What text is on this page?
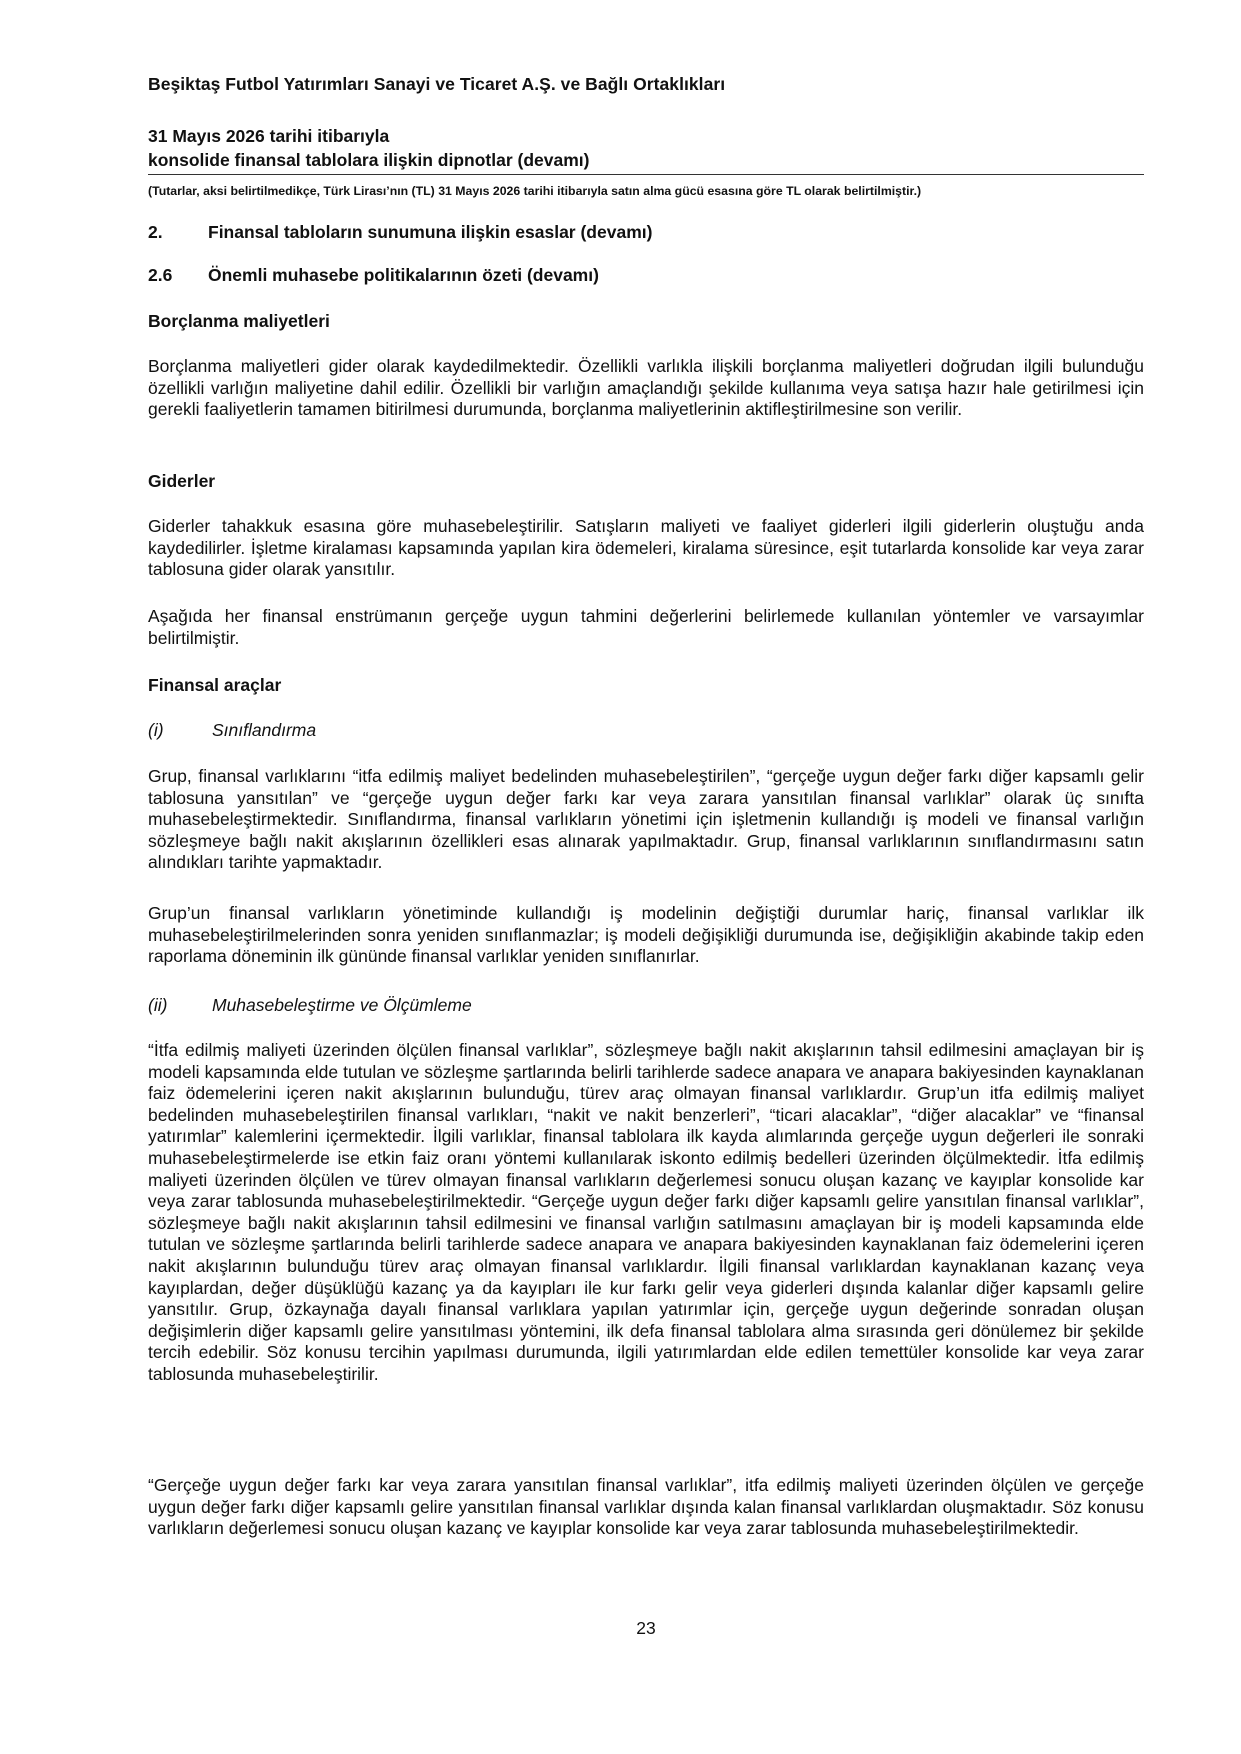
Beşiktaş Futbol Yatırımları Sanayi ve Ticaret A.Ş. ve Bağlı Ortaklıkları
31 Mayıs 2026 tarihi itibarıyla
konsolide finansal tablolara ilişkin dipnotlar (devamı)
(Tutarlar, aksi belirtilmedikçe, Türk Lirası’nın (TL) 31 Mayıs 2026 tarihi itibarıyla satın alma gücü esasına göre TL olarak belirtilmiştir.)
2.	Finansal tabloların sunumuna ilişkin esaslar (devamı)
2.6 Önemli muhasebe politikalarının özeti (devamı)
Borçlanma maliyetleri
Borçlanma maliyetleri gider olarak kaydedilmektedir. Özellikli varlıkla ilişkili borçlanma maliyetleri doğrudan ilgili bulunduğu özellikli varlığın maliyetine dahil edilir. Özellikli bir varlığın amaçlandığı şekilde kullanıma veya satışa hazır hale getirilmesi için gerekli faaliyetlerin tamamen bitirilmesi durumunda, borçlanma maliyetlerinin aktifleştirilmesine son verilir.
Giderler
Giderler tahakkuk esasına göre muhasebeleştirilir. Satışların maliyeti ve faaliyet giderleri ilgili giderlerin oluştuğu anda kaydedilirler. İşletme kiralaması kapsamında yapılan kira ödemeleri, kiralama süresince, eşit tutarlarda konsolide kar veya zarar tablosuna gider olarak yansıtılır.
Aşağıda her finansal enstrümanın gerçeğe uygun tahmini değerlerini belirlemede kullanılan yöntemler ve varsayımlar belirtilmiştir.
Finansal araçlar
(i)	Sınıflandırma
Grup, finansal varlıklarını “itfa edilmiş maliyet bedelinden muhasebeleştirilen”, “gerçeğe uygun değer farkı diğer kapsamlı gelir tablosuna yansıtılan” ve “gerçeğe uygun değer farkı kar veya zarara yansıtılan finansal varlıklar” olarak üç sınıfta muhasebeleştirmektedir. Sınıflandırma, finansal varlıkların yönetimi için işletmenin kullandığı iş modeli ve finansal varlığın sözleşmeye bağlı nakit akışlarının özellikleri esas alınarak yapılmaktadır. Grup, finansal varlıklarının sınıflandırmasını satın alındıkları tarihte yapmaktadır.
Grup’un finansal varlıkların yönetiminde kullandığı iş modelinin değiştiği durumlar hariç, finansal varlıklar ilk muhasebeleştirilmelerinden sonra yeniden sınıflanmazlar; iş modeli değişikliği durumunda ise, değişikliğin akabinde takip eden raporlama döneminin ilk gününde finansal varlıklar yeniden sınıflanırlar.
(ii)	Muhasebeleştirme ve Ölçümleme
“İtfa edilmiş maliyeti üzerinden ölçülen finansal varlıklar”, sözleşmeye bağlı nakit akışlarının tahsil edilmesini amaçlayan bir iş modeli kapsamında elde tutulan ve sözleşme şartlarında belirli tarihlerde sadece anapara ve anapara bakiyesinden kaynaklanan faiz ödemelerini içeren nakit akışlarının bulunduğu, türev araç olmayan finansal varlıklardır. Grup’un itfa edilmiş maliyet bedelinden muhasebeleştirilen finansal varlıkları, “nakit ve nakit benzerleri”, “ticari alacaklar”, “diğer alacaklar” ve “finansal yatırımlar” kalemlerini içermektedir. İlgili varlıklar, finansal tablolara ilk kayda alımlarında gerçeğe uygun değerleri ile sonraki muhasebeleştirmelerde ise etkin faiz oranı yöntemi kullanılarak iskonto edilmiş bedelleri üzerinden ölçülmektedir. İtfa edilmiş maliyeti üzerinden ölçülen ve türev olmayan finansal varlıkların değerlemesi sonucu oluşan kazanç ve kayıplar konsolide kar veya zarar tablosunda muhasebeleştirilmektedir. “Gerçeğe uygun değer farkı diğer kapsamlı gelire yansıtılan finansal varlıklar”, sözleşmeye bağlı nakit akışlarının tahsil edilmesini ve finansal varlığın satılmasını amaçlayan bir iş modeli kapsamında elde tutulan ve sözleşme şartlarında belirli tarihlerde sadece anapara ve anapara bakiyesinden kaynaklanan faiz ödemelerini içeren nakit akışlarının bulunduğu türev araç olmayan finansal varlıklardır. İlgili finansal varlıklardan kaynaklanan kazanç veya kayıplardan, değer düşüklüğü kazanç ya da kayıpları ile kur farkı gelir veya giderleri dışında kalanlar diğer kapsamlı gelire yansıtılır. Grup, özkaynağa dayalı finansal varlıklara yapılan yatırımlar için, gerçeğe uygun değerinde sonradan oluşan değişimlerin diğer kapsamlı gelire yansıtılması yöntemini, ilk defa finansal tablolara alma sırasında geri dönülemez bir şekilde tercih edebilir. Söz konusu tercihin yapılması durumunda, ilgili yatırımlardan elde edilen temettüler konsolide kar veya zarar tablosunda muhasebeleştirilir.
“Gerçeğe uygun değer farkı kar veya zarara yansıtılan finansal varlıklar”, itfa edilmiş maliyeti üzerinden ölçülen ve gerçeğe uygun değer farkı diğer kapsamlı gelire yansıtılan finansal varlıklar dışında kalan finansal varlıklardan oluşmaktadır. Söz konusu varlıkların değerlemesi sonucu oluşan kazanç ve kayıplar konsolide kar veya zarar tablosunda muhasebeleştirilmektedir.
23
